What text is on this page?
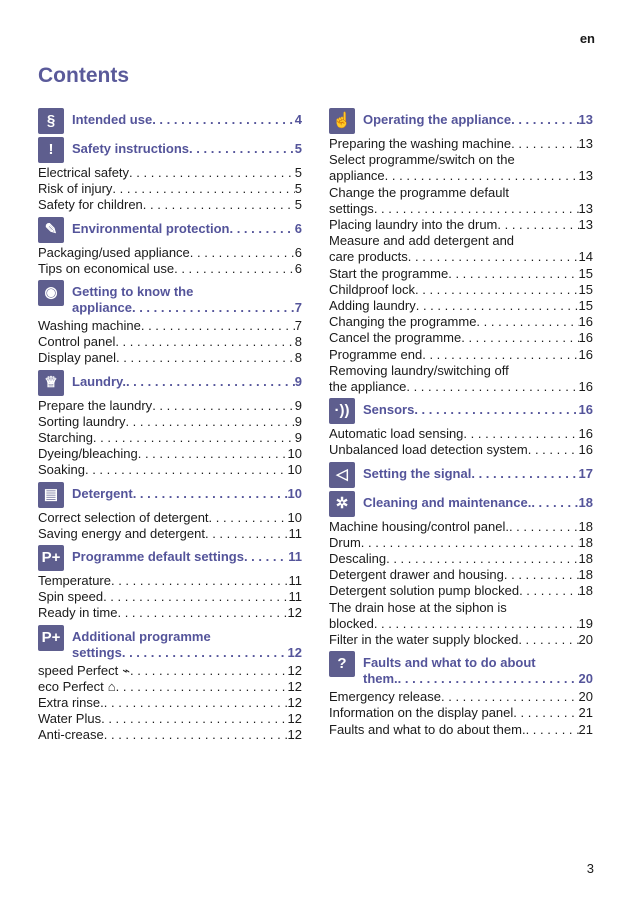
en
Contents
§	Intended use . . .	4
!	Safety instructions . . .	5
Electrical safety . . .	5
Risk of injury . . .	5
Safety for children . . .	5
✎	Environmental protection . . .	6
Packaging/used appliance . . .	6
Tips on economical use . . .	6
◉	Getting to know the
appliance . . .	7
Washing machine . . .	7
Control panel . . .	8
Display panel . . .	8
♕	Laundry. . . .	9
Prepare the laundry . . .	9
Sorting laundry . . .	9
Starching . . .	9
Dyeing/bleaching . . .	10
Soaking . . .	10
▤	Detergent . . .	10
Correct selection of detergent . . .	10
Saving energy and detergent . . .	11
P+ Programme default settings . . .	11
Temperature . . .	11
Spin speed . . .	11
Ready in time . . .	12
P+ Additional programme
settings . . .	12
speed Perfect ⌁ . . .	12
eco Perfect ⌂ . . .	12
Extra rinse. . . .	12
Water Plus . . .	12
Anti-crease . . .	12
☝ Operating the appliance . . .	13
Preparing the washing machine . . .	13
Select programme/switch on the
appliance . . .	13
Change the programme default
settings . . .	13
Placing laundry into the drum . . .	13
Measure and add detergent and
care products . . .	14
Start the programme . . .	15
Childproof lock . . .	15
Adding laundry . . .	15
Changing the programme . . .	16
Cancel the programme . . .	16
Programme end . . .	16
Removing laundry/switching off
the appliance . . .	16
·))	Sensors . . .	16
Automatic load sensing . . .	16
Unbalanced load detection system . . .	16
◁	Setting the signal . . .	17
✲	Cleaning and maintenance. . . .	18
Machine housing/control panel. . . .	18
Drum . . .	18
Descaling . . .	18
Detergent drawer and housing . . .	18
Detergent solution pump blocked . . .	18
The drain hose at the siphon is
blocked . . .	19
Filter in the water supply blocked . . .	20
?	Faults and what to do about
them. . . .	20
Emergency release . . .	20
Information on the display panel . . .	21
Faults and what to do about them. . . .	21
3
